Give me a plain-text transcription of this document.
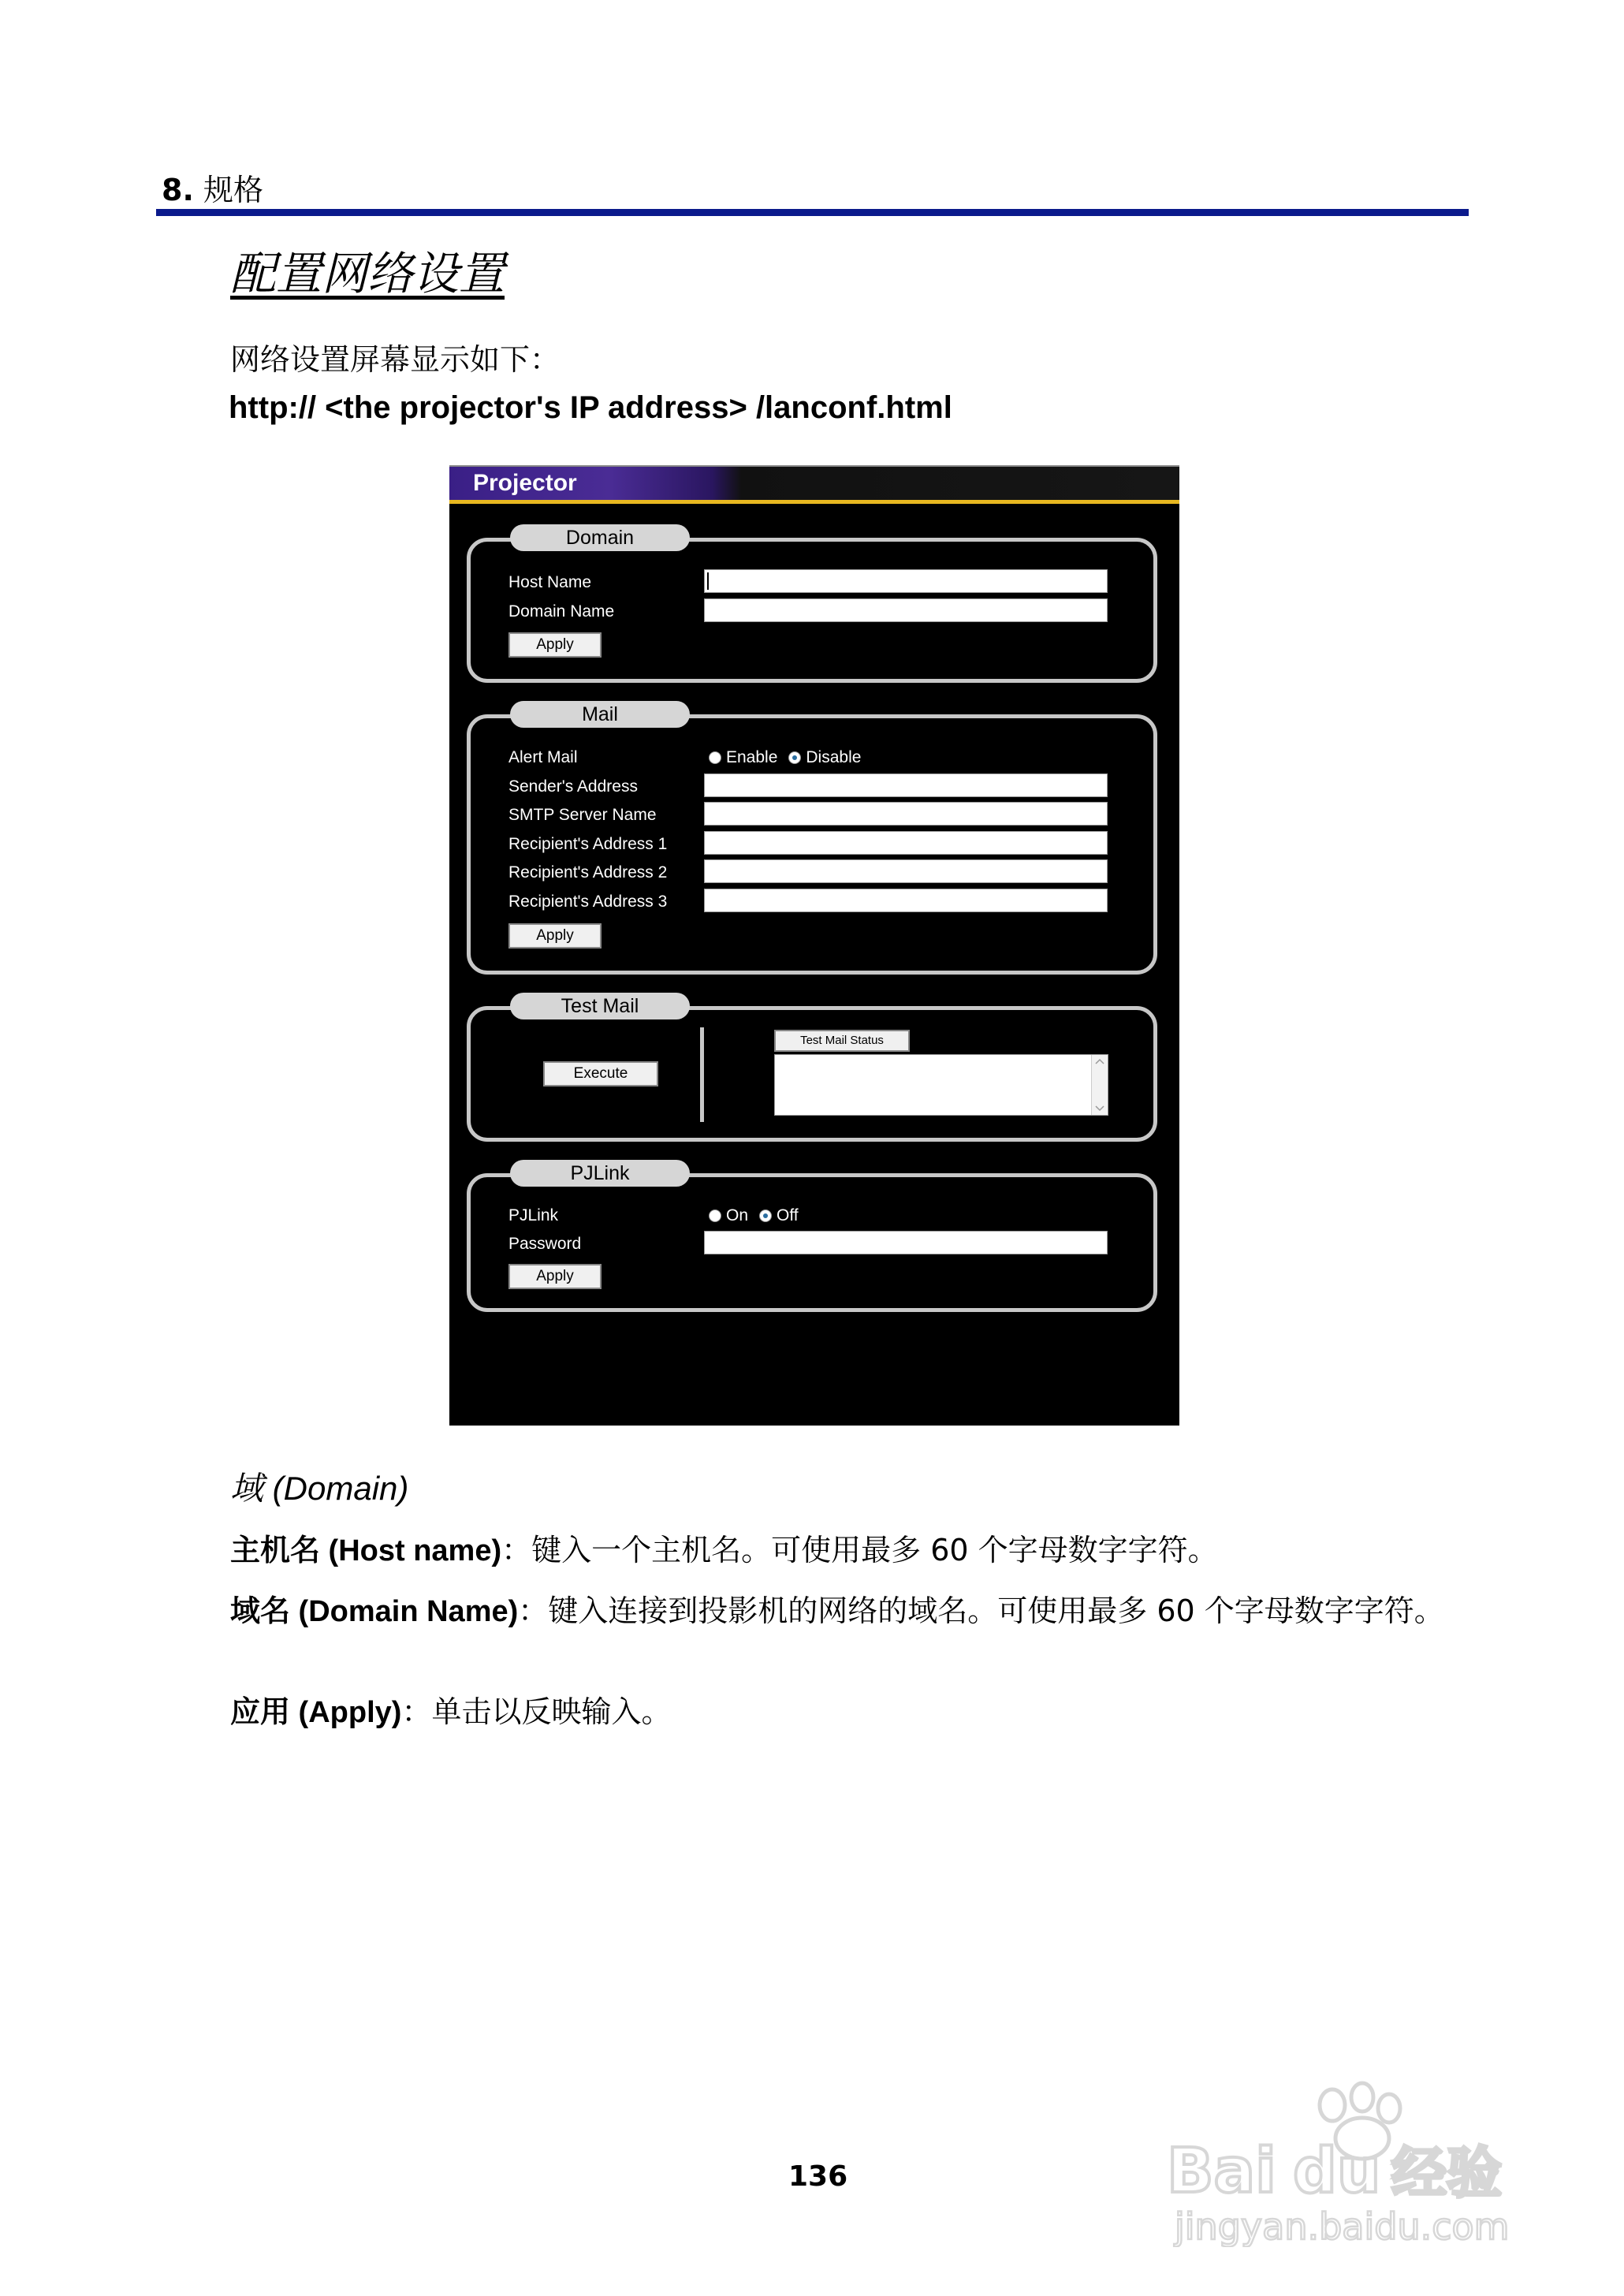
8. 规格
配置网络设置
网络设置屏幕显示如下：
http:// <the projector's IP address> /lanconf.html
Projector
Domain
Host Name
Domain Name
Apply
Mail
Alert Mail	Enable Disable
Sender's Address
SMTP Server Name
Recipient's Address 1
Recipient's Address 2
Recipient's Address 3
Apply
Test Mail
Execute
Test Mail Status
PJLink
PJLink	On Off
Password
Apply
域 (Domain)
主机名 (Host name)：键入一个主机名。可使用最多 60 个字母数字字符。
域名 (Domain Name)：键入连接到投影机的网络的域名。可使用最多 60 个字母数字字符。
应用 (Apply)：单击以反映输入。
136	Bai du 经验
jingyan.baidu.com
